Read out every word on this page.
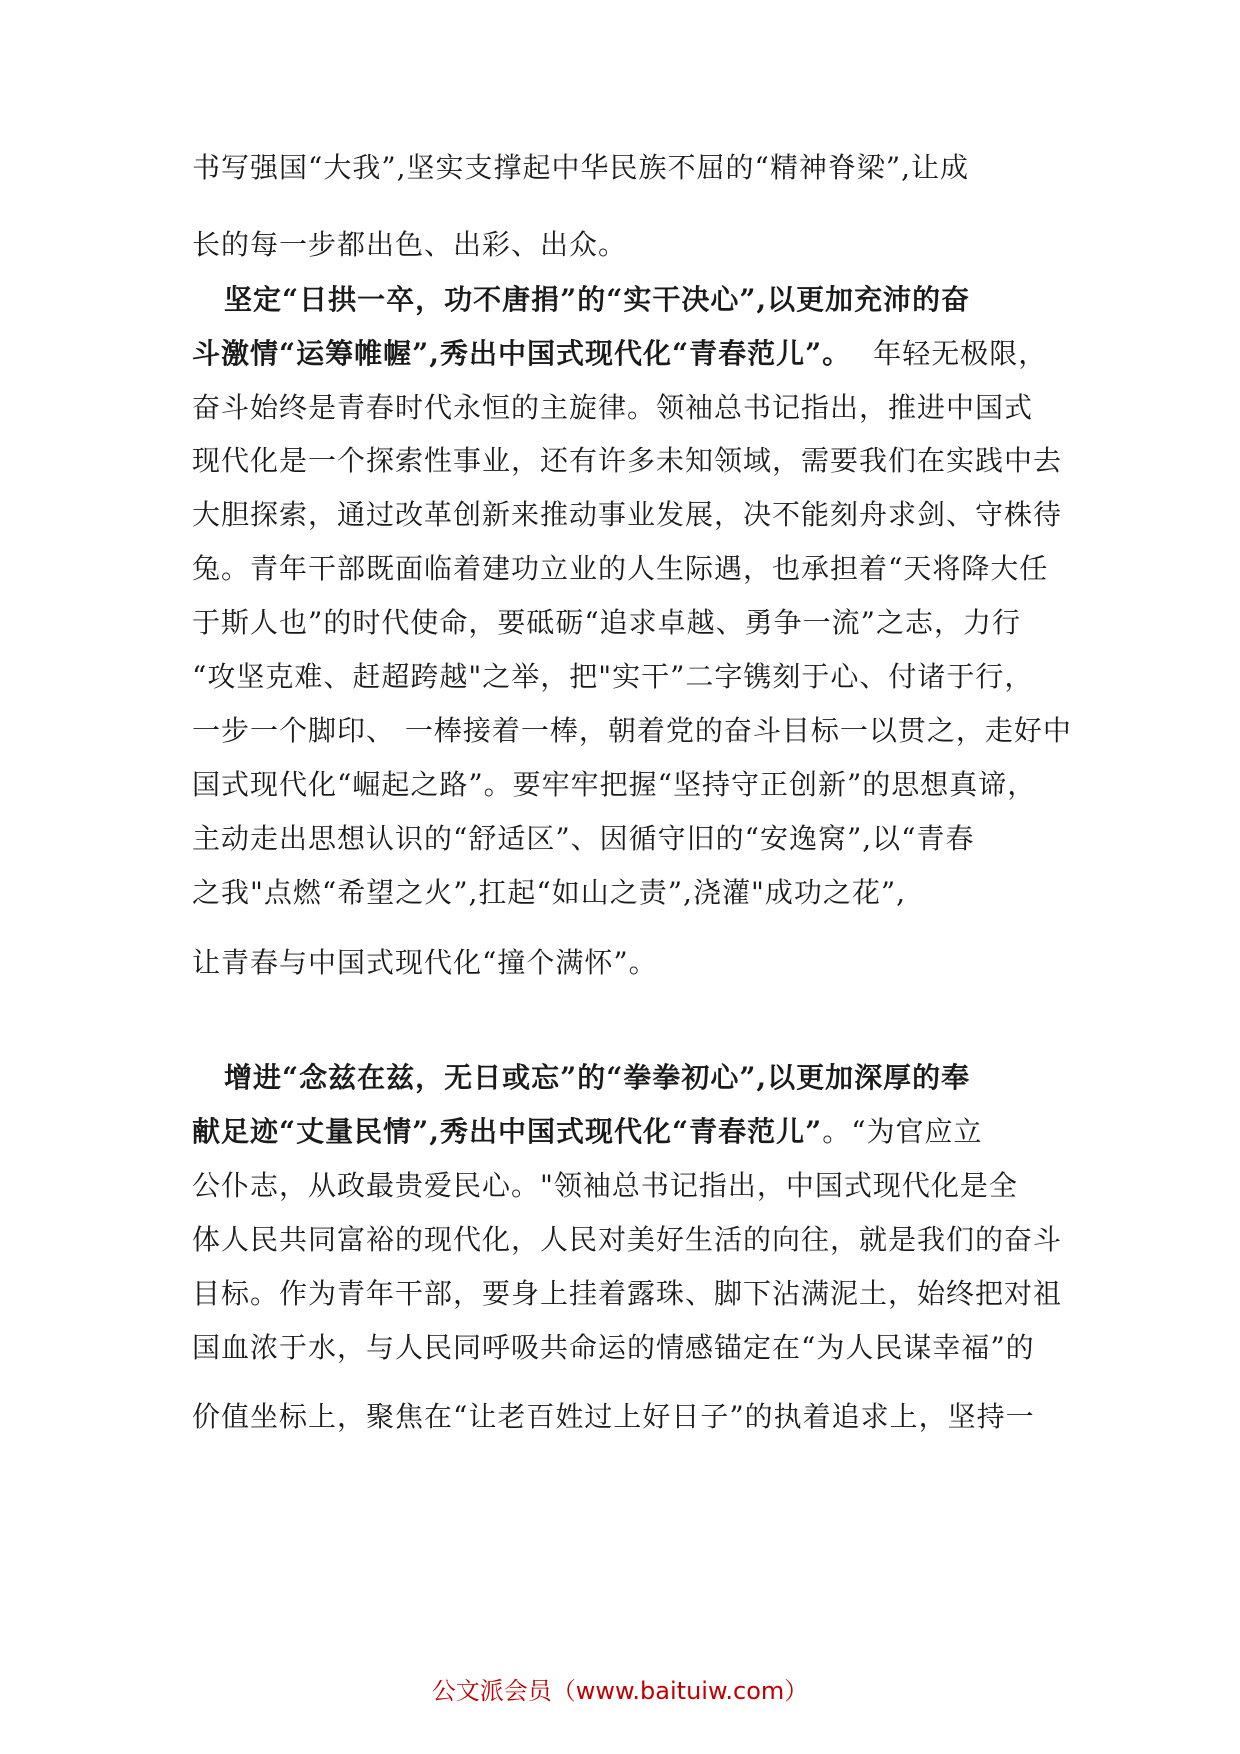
书写强国“大我”,坚实支撑起中华民族不屈的“精神脊梁”,让成
长的每一步都出色、出彩、出众。
坚定“日拱一卒，功不唐捐”的“实干决心”,以更加充沛的奋
斗激情“运筹帷幄”,秀出中国式现代化“青春范儿”。 年轻无极限，
奋斗始终是青春时代永恒的主旋律。领袖总书记指出，推进中国式
现代化是一个探索性事业，还有许多未知领域，需要我们在实践中去
大胆探索，通过改革创新来推动事业发展，决不能刻舟求剑、守株待
兔。青年干部既面临着建功立业的人生际遇，也承担着“天将降大任
于斯人也”的时代使命，要砥砺“追求卓越、勇争一流”之志，力行
“攻坚克难、赶超跨越"之举，把"实干”二字镌刻于心、付诸于行，
一步一个脚印、 一棒接着一棒，朝着党的奋斗目标一以贯之，走好中
国式现代化“崛起之路”。要牢牢把握“坚持守正创新”的思想真谛，
主动走出思想认识的“舒适区”、因循守旧的“安逸窝”,以“青春
之我"点燃“希望之火”,扛起“如山之责”,浇灌"成功之花”,
让青春与中国式现代化“撞个满怀”。
增进“念兹在兹，无日或忘”的“拳拳初心”,以更加深厚的奉
献足迹“丈量民情”,秀出中国式现代化“青春范儿”。“为官应立
公仆志，从政最贵爱民心。"领袖总书记指出，中国式现代化是全
体人民共同富裕的现代化，人民对美好生活的向往，就是我们的奋斗
目标。作为青年干部，要身上挂着露珠、脚下沾满泥土，始终把对祖
国血浓于水，与人民同呼吸共命运的情感锚定在“为人民谋幸福”的
价值坐标上，聚焦在“让老百姓过上好日子”的执着追求上，坚持一
公文派会员（www.baituiw.com）
